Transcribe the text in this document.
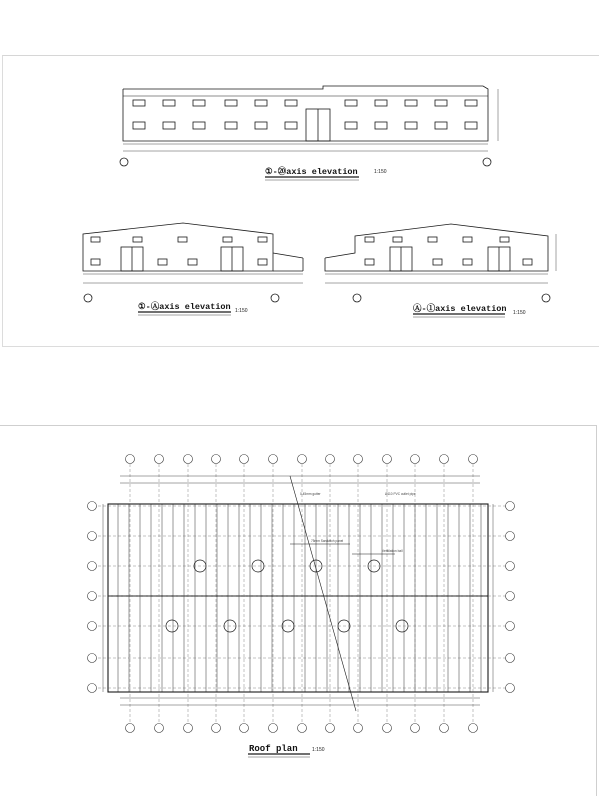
①-⑳axis elevation	1:150
①-Ⓐaxis elevation 1:150	Ⓐ-①axis elevation 1:150
0.45mm gutter	Ø110 PVC outlet pipe
75mm Sandwich panel
Ventilation ball
Roof plan	1:150
